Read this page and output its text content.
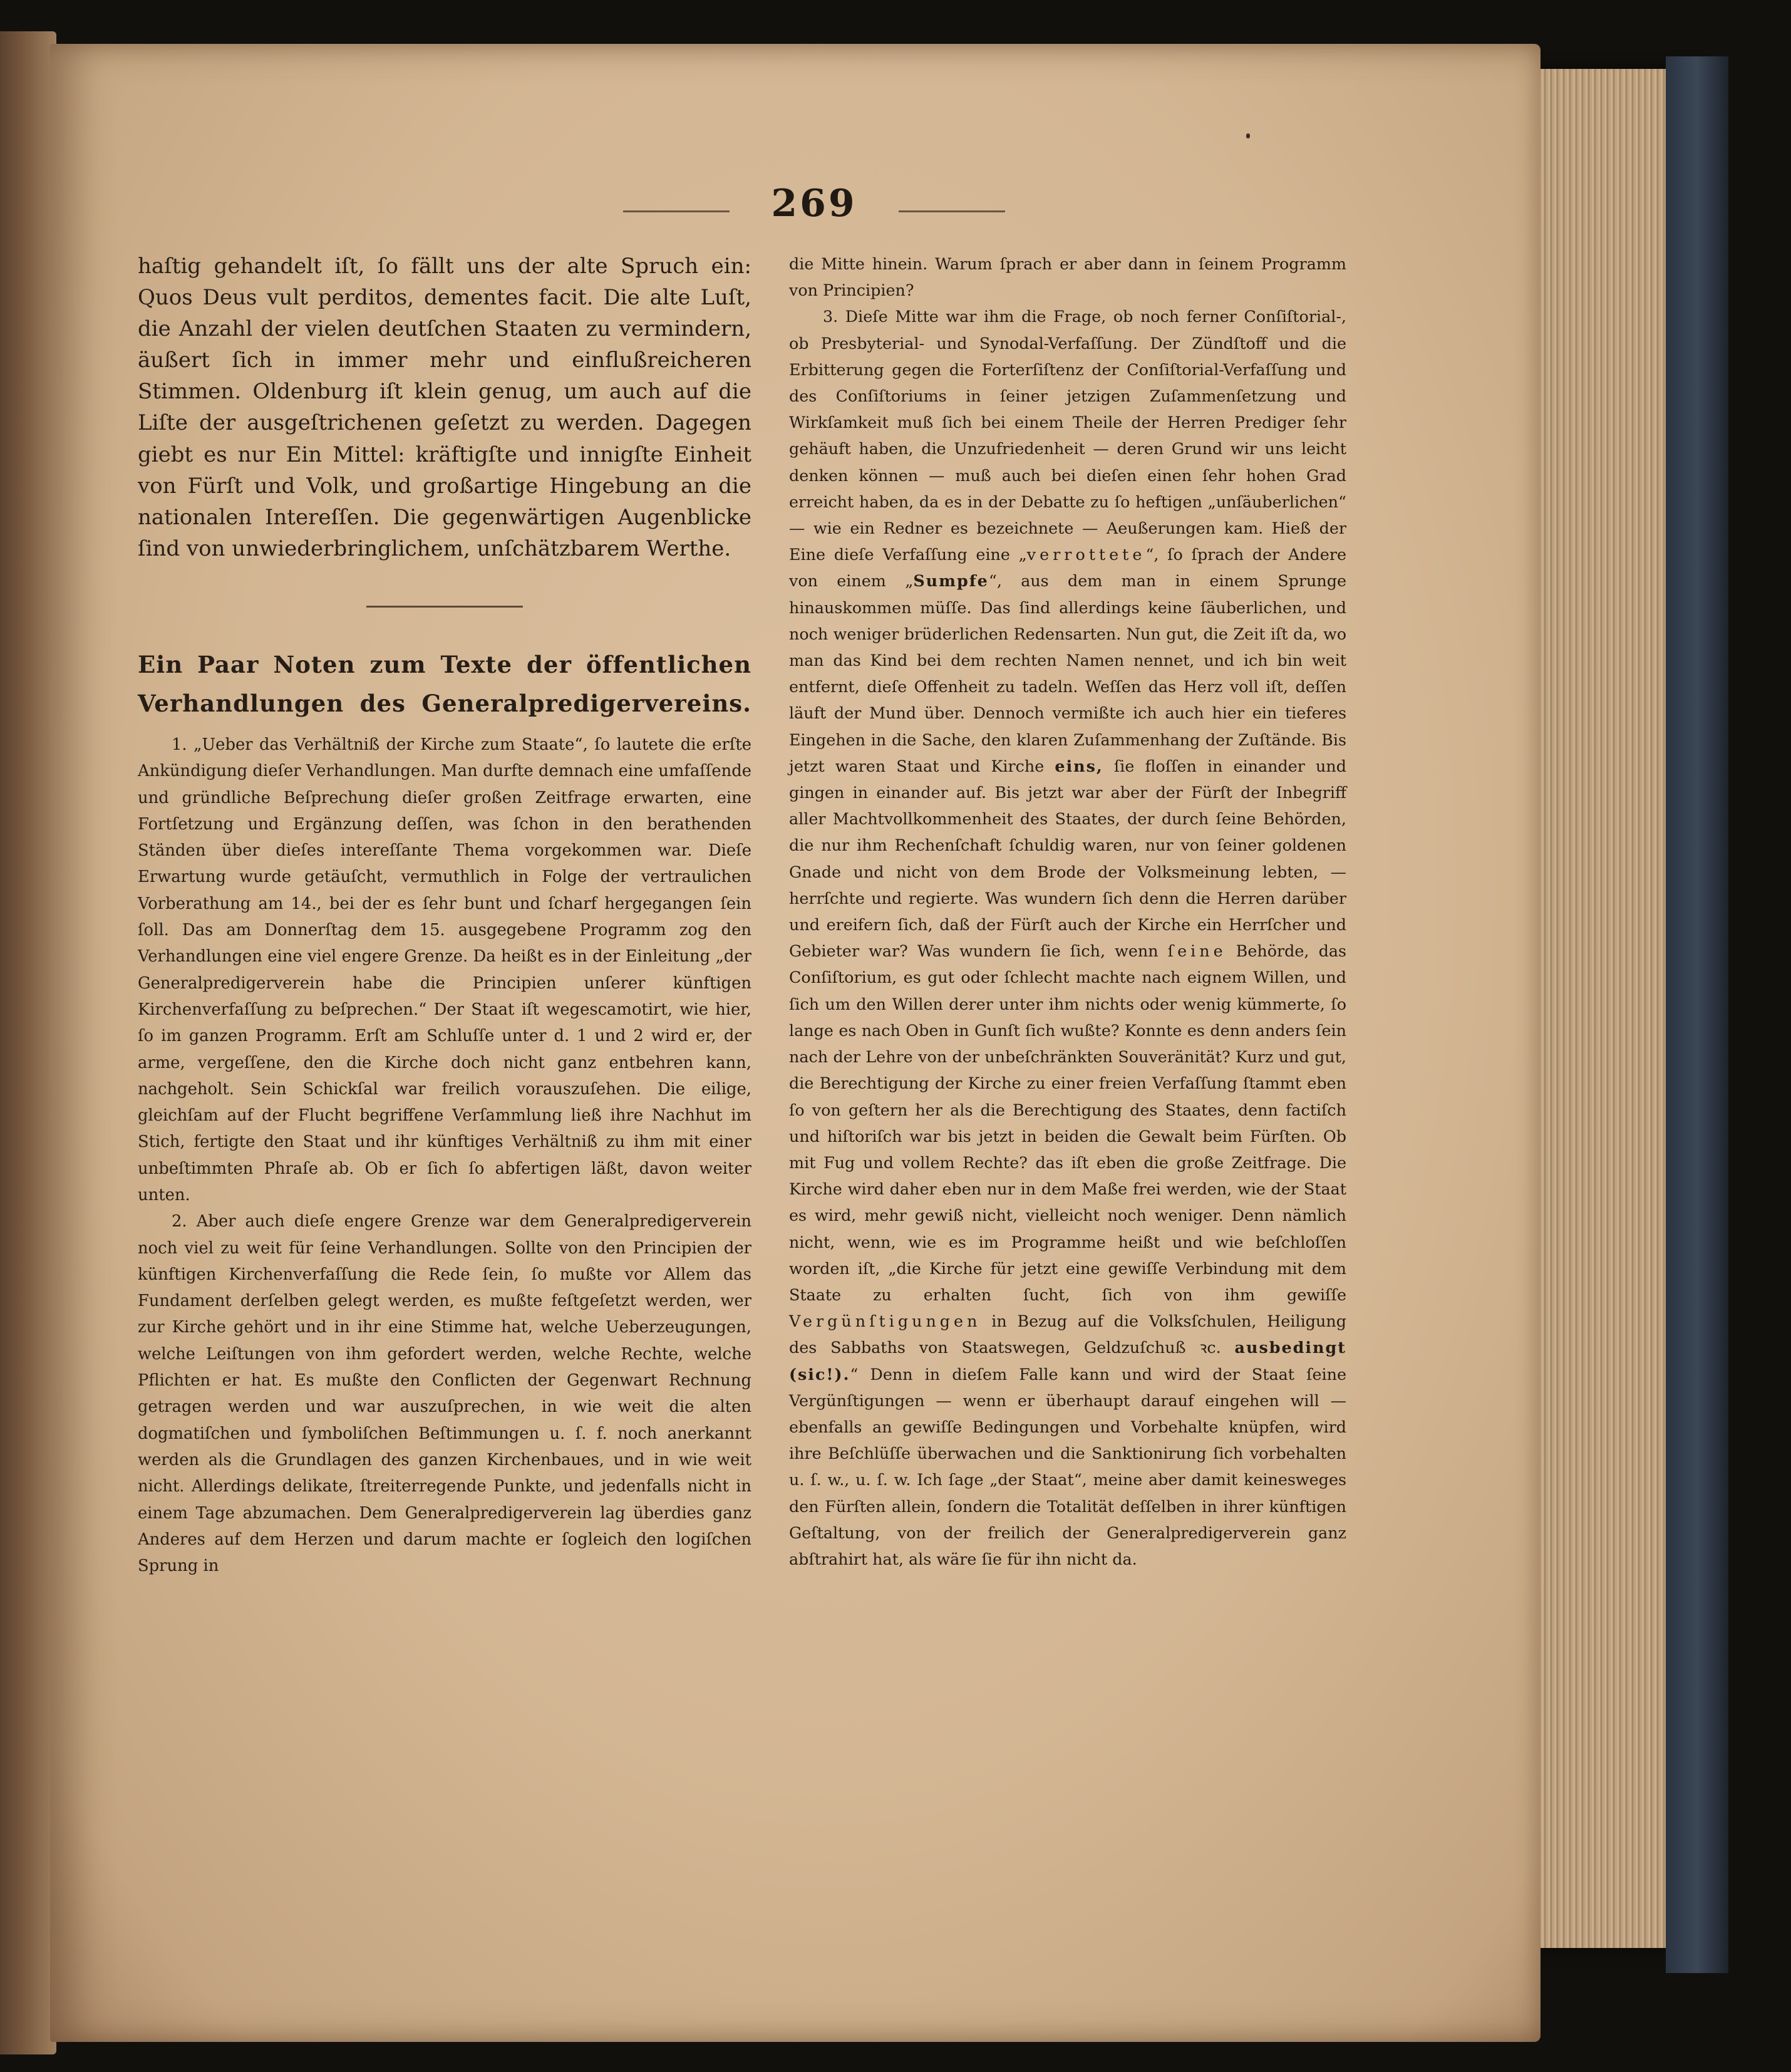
269

haſtig gehandelt iſt, ſo fällt uns der alte Spruch ein: Quos Deus vult perditos, dementes facit. Die alte Luſt, die Anzahl der vielen deutſchen Staaten zu vermindern, äußert ſich in immer mehr und einflußreicheren Stimmen. Oldenburg iſt klein genug, um auch auf die Liſte der ausgeſtrichenen geſetzt zu werden. Dagegen giebt es nur Ein Mittel: kräftigſte und innigſte Einheit von Fürſt und Volk, und großartige Hingebung an die nationalen Intereſſen. Die gegenwärtigen Augenblicke ſind von unwiederbringlichem, unſchätzbarem Werthe.

Ein Paar Noten zum Texte der öffentlichen Verhandlungen des Generalpredigervereins.

1. „Ueber das Verhältniß der Kirche zum Staate“, ſo lautete die erſte Ankündigung dieſer Verhandlungen. Man durfte demnach eine umfaſſende und gründliche Beſprechung dieſer großen Zeitfrage erwarten, eine Fortſetzung und Ergänzung deſſen, was ſchon in den berathenden Ständen über dieſes intereſſante Thema vorgekommen war. Dieſe Erwartung wurde getäuſcht, vermuthlich in Folge der vertraulichen Vorberathung am 14., bei der es ſehr bunt und ſcharf hergegangen ſein ſoll. Das am Donnerſtag dem 15. ausgegebene Programm zog den Verhandlungen eine viel engere Grenze. Da heißt es in der Einleitung „der Generalpredigerverein habe die Principien unſerer künftigen Kirchenverfaſſung zu beſprechen.“ Der Staat iſt wegescamotirt, wie hier, ſo im ganzen Programm. Erſt am Schluſſe unter d. 1 und 2 wird er, der arme, vergeſſene, den die Kirche doch nicht ganz entbehren kann, nachgeholt. Sein Schickſal war freilich vorauszuſehen. Die eilige, gleichſam auf der Flucht begriffene Verſammlung ließ ihre Nachhut im Stich, fertigte den Staat und ihr künftiges Verhältniß zu ihm mit einer unbeſtimmten Phraſe ab. Ob er ſich ſo abfertigen läßt, davon weiter unten.

2. Aber auch dieſe engere Grenze war dem Generalpredigerverein noch viel zu weit für ſeine Verhandlungen. Sollte von den Principien der künftigen Kirchenverfaſſung die Rede ſein, ſo mußte vor Allem das Fundament derſelben gelegt werden, es mußte feſtgeſetzt werden, wer zur Kirche gehört und in ihr eine Stimme hat, welche Ueberzeugungen, welche Leiſtungen von ihm gefordert werden, welche Rechte, welche Pflichten er hat. Es mußte den Conflicten der Gegenwart Rechnung getragen werden und war auszuſprechen, in wie weit die alten dogmatiſchen und ſymboliſchen Beſtimmungen u. ſ. f. noch anerkannt werden als die Grundlagen des ganzen Kirchenbaues, und in wie weit nicht. Allerdings delikate, ſtreiterregende Punkte, und jedenfalls nicht in einem Tage abzumachen. Dem Generalpredigerverein lag überdies ganz Anderes auf dem Herzen und darum machte er ſogleich den logiſchen Sprung in

die Mitte hinein. Warum ſprach er aber dann in ſeinem Programm von Principien?

3. Dieſe Mitte war ihm die Frage, ob noch ferner Conſiſtorial-, ob Presbyterial- und Synodal-Verfaſſung. Der Zündſtoff und die Erbitterung gegen die Forterſiſtenz der Conſiſtorial-Verfaſſung und des Conſiſtoriums in ſeiner jetzigen Zuſammenſetzung und Wirkſamkeit muß ſich bei einem Theile der Herren Prediger ſehr gehäuft haben, die Unzufriedenheit — deren Grund wir uns leicht denken können — muß auch bei dieſen einen ſehr hohen Grad erreicht haben, da es in der Debatte zu ſo heftigen „unſäuberlichen“ — wie ein Redner es bezeichnete — Aeußerungen kam. Hieß der Eine dieſe Verfaſſung eine „verrottete“, ſo ſprach der Andere von einem „Sumpfe“, aus dem man in einem Sprunge hinauskommen müſſe. Das ſind allerdings keine ſäuberlichen, und noch weniger brüderlichen Redensarten. Nun gut, die Zeit iſt da, wo man das Kind bei dem rechten Namen nennet, und ich bin weit entfernt, dieſe Offenheit zu tadeln. Weſſen das Herz voll iſt, deſſen läuft der Mund über. Dennoch vermißte ich auch hier ein tieferes Eingehen in die Sache, den klaren Zuſammenhang der Zuſtände. Bis jetzt waren Staat und Kirche eins, ſie floſſen in einander und gingen in einander auf. Bis jetzt war aber der Fürſt der Inbegriff aller Machtvollkommenheit des Staates, der durch ſeine Behörden, die nur ihm Rechenſchaft ſchuldig waren, nur von ſeiner goldenen Gnade und nicht von dem Brode der Volksmeinung lebten, — herrſchte und regierte. Was wundern ſich denn die Herren darüber und ereifern ſich, daß der Fürſt auch der Kirche ein Herrſcher und Gebieter war? Was wundern ſie ſich, wenn ſeine Behörde, das Conſiſtorium, es gut oder ſchlecht machte nach eignem Willen, und ſich um den Willen derer unter ihm nichts oder wenig kümmerte, ſo lange es nach Oben in Gunſt ſich wußte? Konnte es denn anders ſein nach der Lehre von der unbeſchränkten Souveränität? Kurz und gut, die Berechtigung der Kirche zu einer freien Verfaſſung ſtammt eben ſo von geſtern her als die Berechtigung des Staates, denn factiſch und hiſtoriſch war bis jetzt in beiden die Gewalt beim Fürſten. Ob mit Fug und vollem Rechte? das iſt eben die große Zeitfrage. Die Kirche wird daher eben nur in dem Maße frei werden, wie der Staat es wird, mehr gewiß nicht, vielleicht noch weniger. Denn nämlich nicht, wenn, wie es im Programme heißt und wie beſchloſſen worden iſt, „die Kirche für jetzt eine gewiſſe Verbindung mit dem Staate zu erhalten ſucht, ſich von ihm gewiſſe Vergünſtigungen in Bezug auf die Volksſchulen, Heiligung des Sabbaths von Staatswegen, Geldzuſchuß ꝛc. ausbedingt (sic!).“ Denn in dieſem Falle kann und wird der Staat ſeine Vergünſtigungen — wenn er überhaupt darauf eingehen will — ebenfalls an gewiſſe Bedingungen und Vorbehalte knüpfen, wird ihre Beſchlüſſe überwachen und die Sanktionirung ſich vorbehalten u. ſ. w., u. ſ. w. Ich ſage „der Staat“, meine aber damit keinesweges den Fürſten allein, ſondern die Totalität deſſelben in ihrer künftigen Geſtaltung, von der freilich der Generalpredigerverein ganz abſtrahirt hat, als wäre ſie für ihn nicht da.
